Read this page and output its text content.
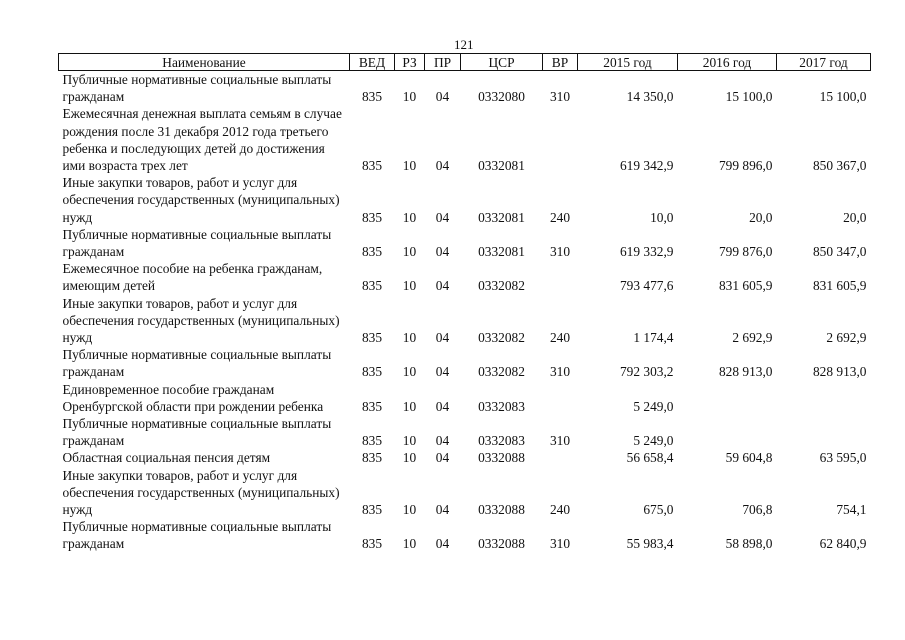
121
Наименование	ВЕД	РЗ	ПР	ЦСР	ВР	2015 год	2016 год	2017 год
Публичные нормативные социальные выплаты гражданам	835	10	04	0332080	310	14 350,0	15 100,0	15 100,0
Ежемесячная денежная выплата семьям в случае рождения после 31 декабря 2012 года третьего ребенка и последующих детей до достижения ими возраста трех лет	835	10	04	0332081		619 342,9	799 896,0	850 367,0
Иные закупки товаров, работ и услуг для обеспечения государственных (муниципальных) нужд	835	10	04	0332081	240	10,0	20,0	20,0
Публичные нормативные социальные выплаты гражданам	835	10	04	0332081	310	619 332,9	799 876,0	850 347,0
Ежемесячное пособие на ребенка гражданам, имеющим детей	835	10	04	0332082		793 477,6	831 605,9	831 605,9
Иные закупки товаров, работ и услуг для обеспечения государственных (муниципальных) нужд	835	10	04	0332082	240	1 174,4	2 692,9	2 692,9
Публичные нормативные социальные выплаты гражданам	835	10	04	0332082	310	792 303,2	828 913,0	828 913,0
Единовременное пособие гражданам Оренбургской области при рождении ребенка	835	10	04	0332083		5 249,0		
Публичные нормативные социальные выплаты гражданам	835	10	04	0332083	310	5 249,0		
Областная социальная пенсия детям	835	10	04	0332088		56 658,4	59 604,8	63 595,0
Иные закупки товаров, работ и услуг для обеспечения государственных (муниципальных) нужд	835	10	04	0332088	240	675,0	706,8	754,1
Публичные нормативные социальные выплаты гражданам	835	10	04	0332088	310	55 983,4	58 898,0	62 840,9
